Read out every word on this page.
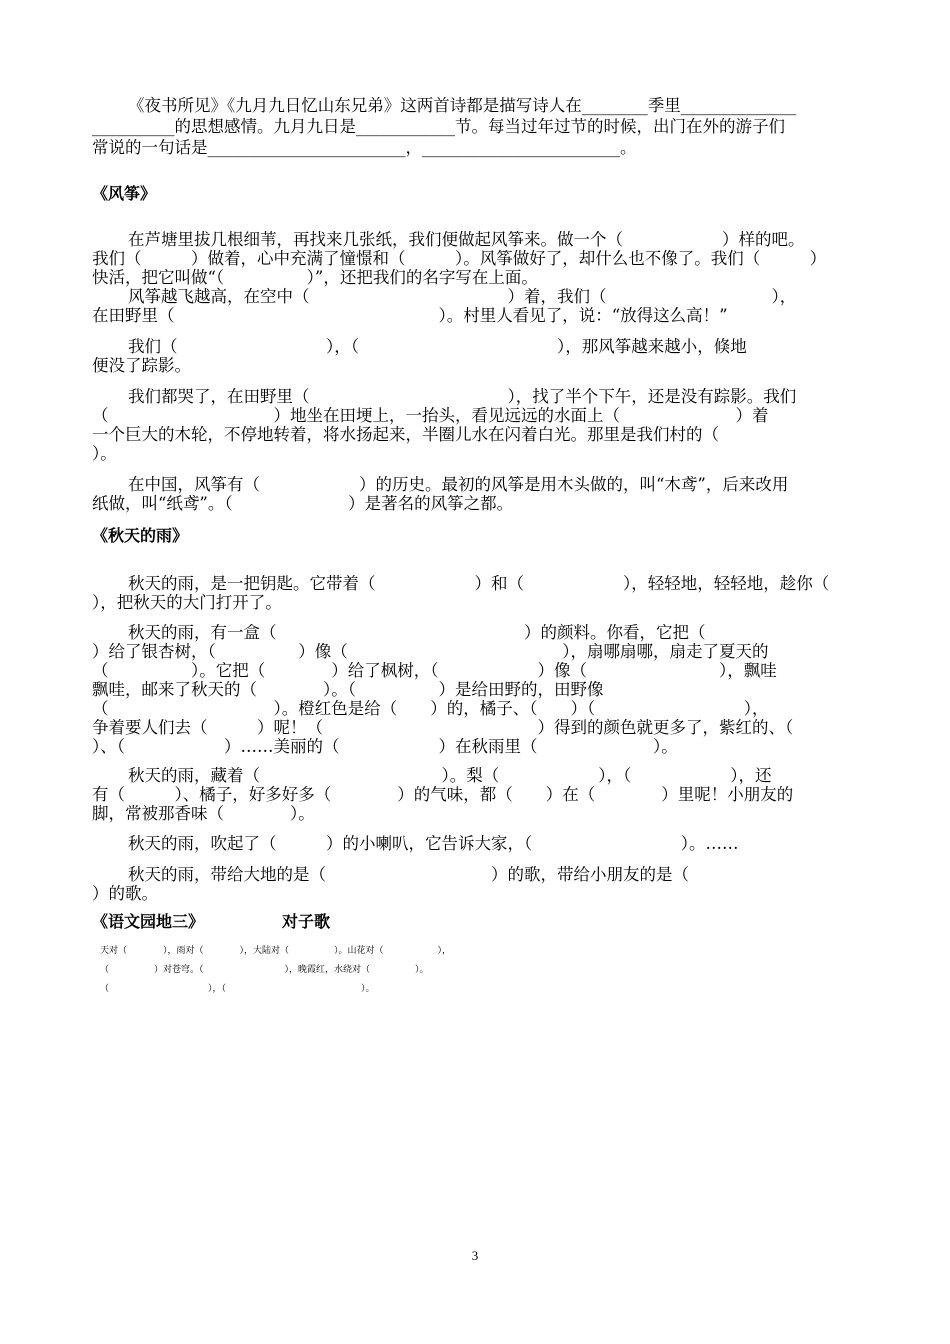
《夜书所见》《九月九日忆山东兄弟》这两首诗都是描写诗人在________季里______________
__________的思想感情。九月九日是____________节。每当过年过节的时候，出门在外的游子们
常说的一句话是________________________，________________________。
《风筝》
在芦塘里拔几根细苇，再找来几张纸，我们便做起风筝来。做一个（　　　　　　）样的吧。
我们（　　　）做着，心中充满了憧憬和（　　　）。风筝做好了，却什么也不像了。我们（　　　）
快活，把它叫做“（　　　　　）”，还把我们的名字写在上面。
风筝越飞越高，在空中（　　　　　　　　　　　　）着，我们（　　　　　　　　　　），
在田野里（　　　　　　　　　　　　　　　　）。村里人看见了，说：“放得这么高！”
我们（　　　　　　　　　），（　　　　　　　　　　　　），那风筝越来越小，倏地
便没了踪影。
我们都哭了，在田野里（　　　　　　　　　　　　），找了半个下午，还是没有踪影。我们
（　　　　　　　　　　）地坐在田埂上，一抬头，看见远远的水面上（　　　　　　　）着
一个巨大的木轮，不停地转着，将水扬起来，半圈儿水在闪着白光。那里是我们村的（
）。
在中国，风筝有（　　　　　　）的历史。最初的风筝是用木头做的，叫“木鸢”，后来改用
纸做，叫“纸鸢”。（　　　　　　　）是著名的风筝之都。
《秋天的雨》
秋天的雨，是一把钥匙。它带着（　　　　　　）和（　　　　　　），轻轻地，轻轻地，趁你（
），把秋天的大门打开了。
秋天的雨，有一盒（　　　　　　　　　　　　　　　）的颜料。你看，它把（
）给了银杏树，（　　　　　）像（　　　　　　　　　　　　　），扇哪扇哪，扇走了夏天的
（　　　　　）。它把（　　　　）给了枫树，（　　　　　　）像（　　　　　　　　），飘哇
飘哇，邮来了秋天的（　　　　）。（　　　　　）是给田野的，田野像
（　　　　　　　　　　）。橙红色是给（　　）的，橘子、（　　）（　　　　　　　　　），
争着要人们去（　　　）呢！（　　　　　　　　　　　　　）得到的颜色就更多了，紫红的、（
）、（　　　　　　）……美丽的（　　　　　　）在秋雨里（　　　　　　　）。
秋天的雨，藏着（　　　　　　　　　　　）。梨（　　　　　　），（　　　　　　），还
有（　　　）、橘子，好多好多（　　　　）的气味，都（　　）在（　　　　）里呢！小朋友的
脚，常被那香味（　　　　）。
秋天的雨，吹起了（　　　）的小喇叭，它告诉大家，（　　　　　　　　　）。……
秋天的雨，带给大地的是（　　　　　　　　　　）的歌，带给小朋友的是（
）的歌。
《语文园地三》	对子歌
天对（　　　　），雨对（　　　　），大陆对（　　　　　）。山花对（　　　　　　），
（　　　　　）对苍穹。（　　　　　　　　　），晚霞红，水绕对（　　　　　）。
（　　　　　　　　　　　），（　　　　　　　　　　　　　　　）。
3
